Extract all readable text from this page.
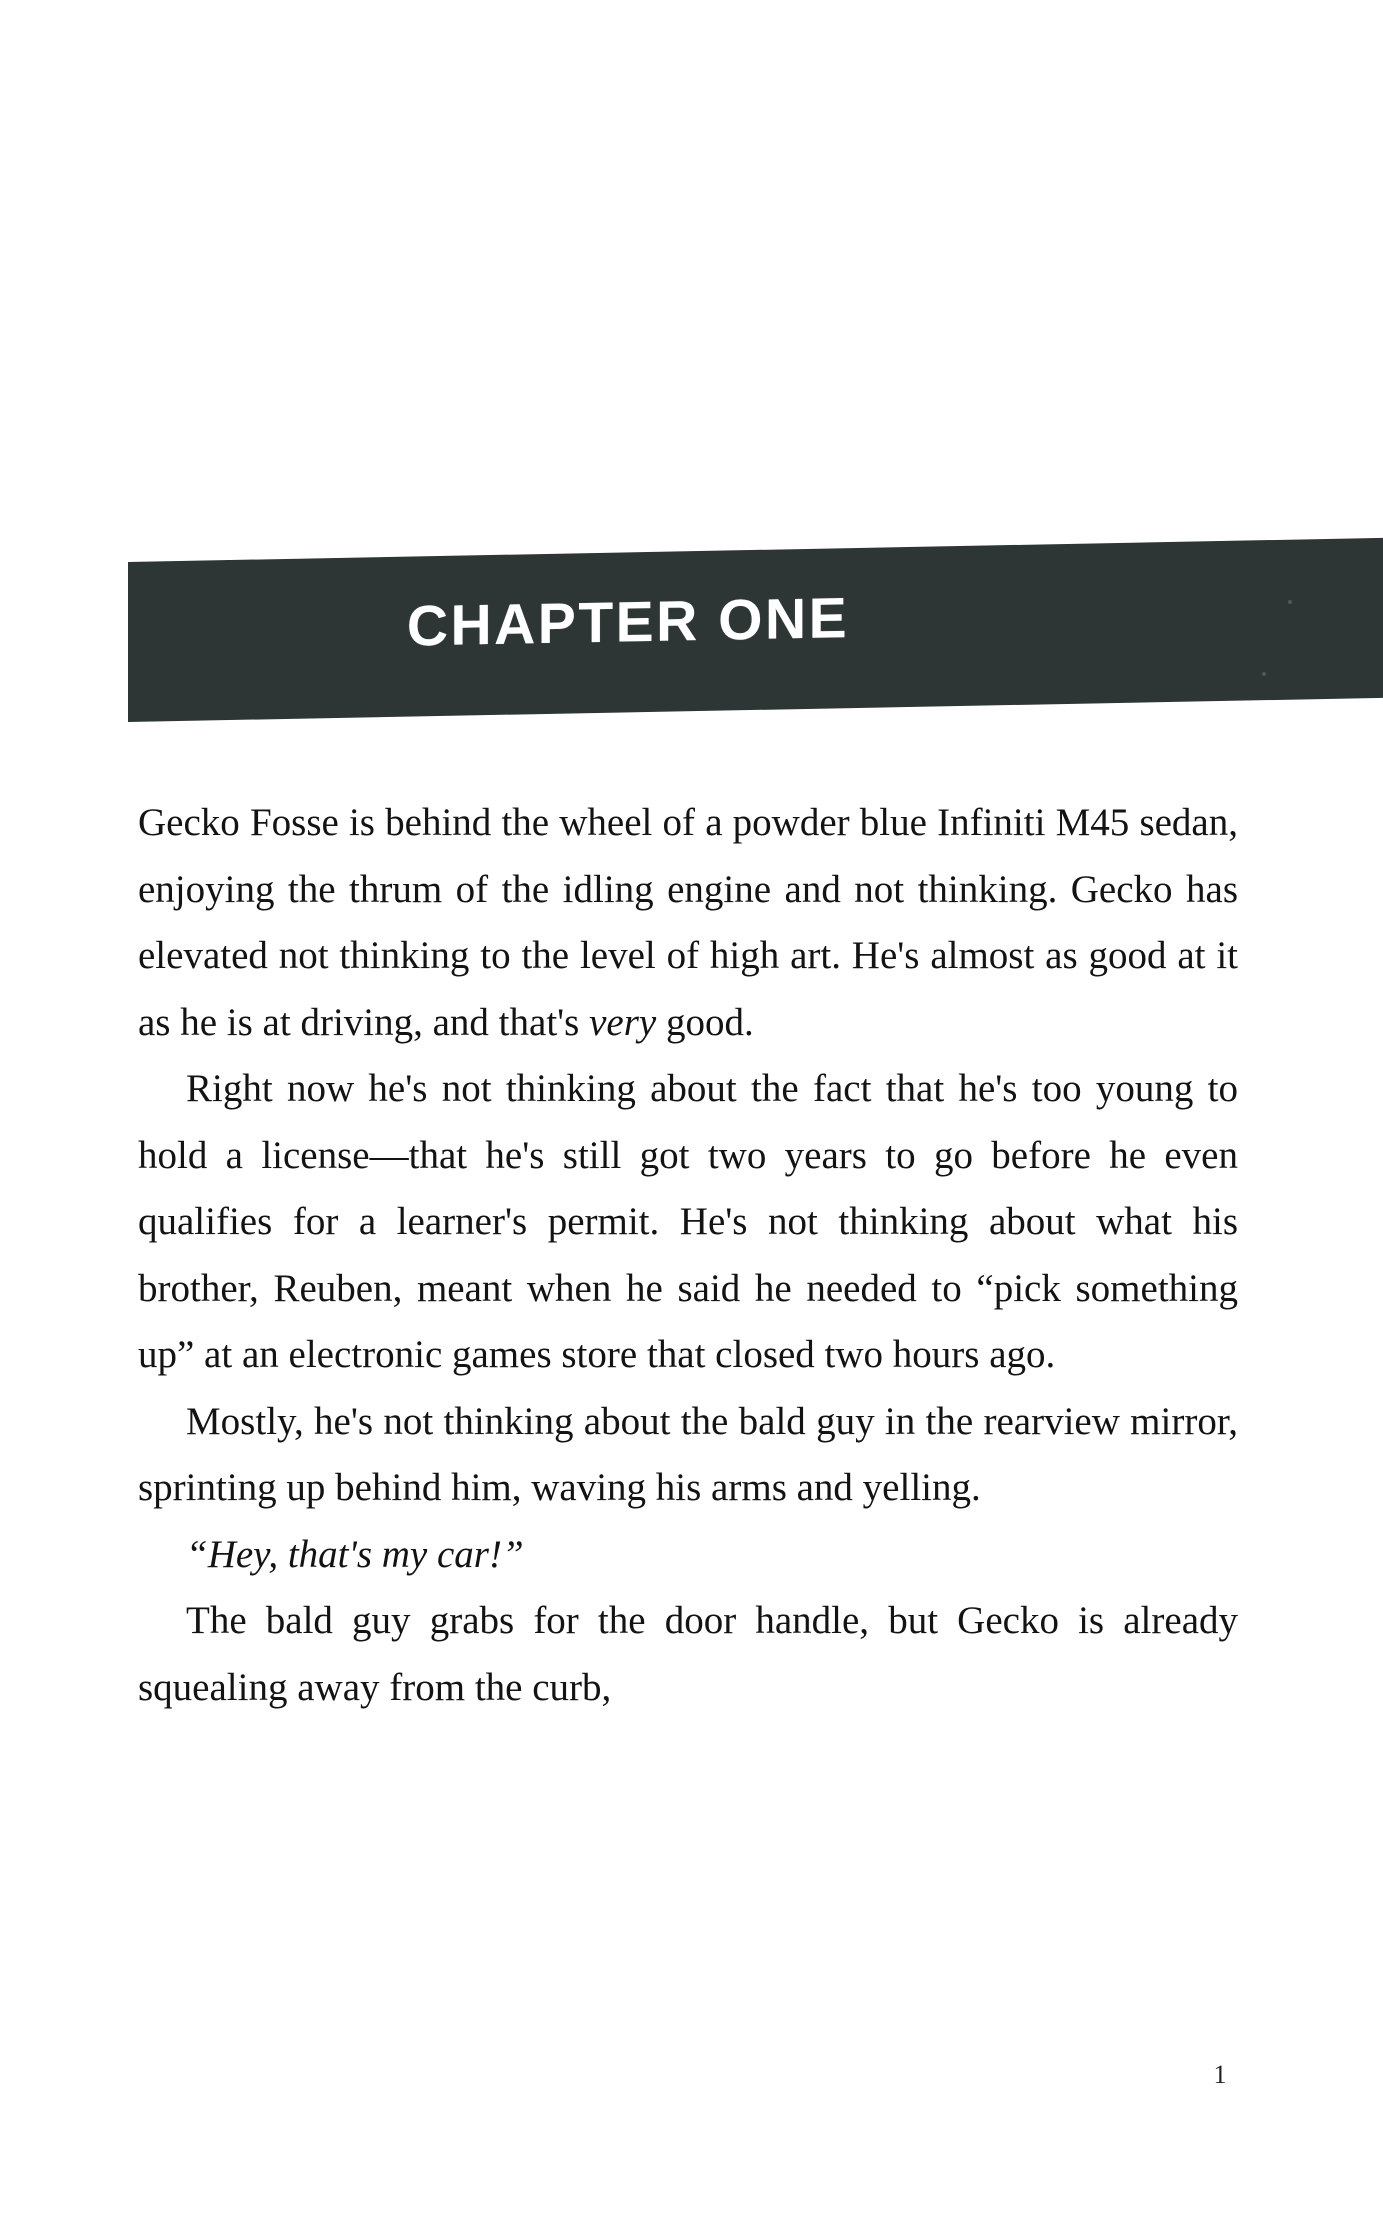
CHAPTER ONE

Gecko Fosse is behind the wheel of a powder blue Infiniti M45 sedan, enjoying the thrum of the idling engine and not thinking. Gecko has elevated not thinking to the level of high art. He's almost as good at it as he is at driving, and that's very good.

Right now he's not thinking about the fact that he's too young to hold a license—that he's still got two years to go before he even qualifies for a learner's permit. He's not thinking about what his brother, Reuben, meant when he said he needed to “pick something up” at an electronic games store that closed two hours ago.

Mostly, he's not thinking about the bald guy in the rearview mirror, sprinting up behind him, waving his arms and yelling.

“Hey, that's my car!”

The bald guy grabs for the door handle, but Gecko is already squealing away from the curb,

1
